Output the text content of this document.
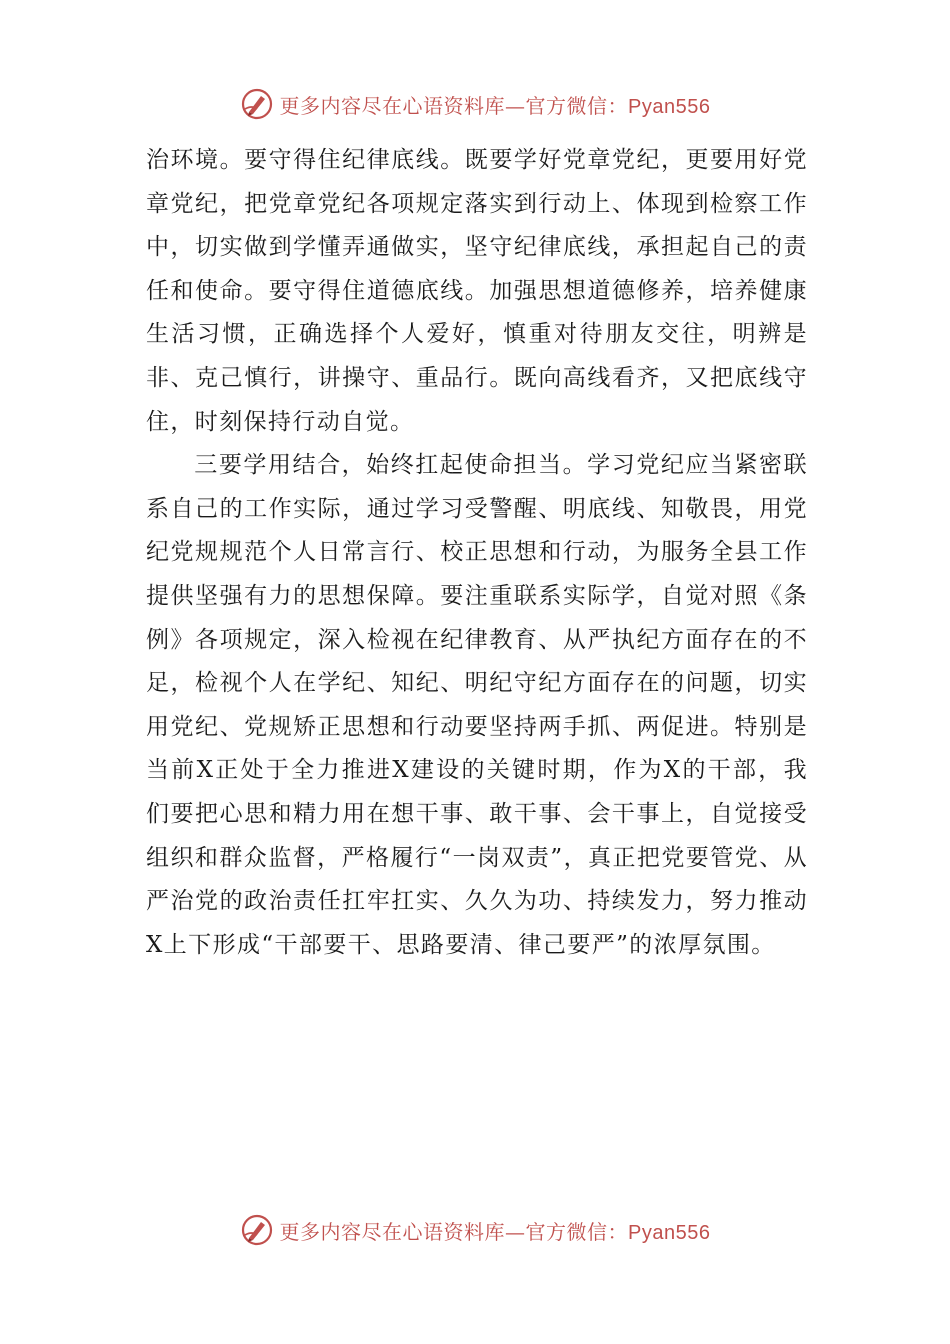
更多内容尽在心语资料库—官方微信：Pyan556

治环境。要守得住纪律底线。既要学好党章党纪，更要用好党章党纪，把党章党纪各项规定落实到行动上、体现到检察工作中，切实做到学懂弄通做实，坚守纪律底线，承担起自己的责任和使命。要守得住道德底线。加强思想道德修养，培养健康生活习惯，正确选择个人爱好，慎重对待朋友交往，明辨是非、克己慎行，讲操守、重品行。既向高线看齐，又把底线守住，时刻保持行动自觉。

三要学用结合，始终扛起使命担当。学习党纪应当紧密联系自己的工作实际，通过学习受警醒、明底线、知敬畏，用党纪党规规范个人日常言行、校正思想和行动，为服务全县工作提供坚强有力的思想保障。要注重联系实际学，自觉对照《条例》各项规定，深入检视在纪律教育、从严执纪方面存在的不足，检视个人在学纪、知纪、明纪守纪方面存在的问题，切实用党纪、党规矫正思想和行动要坚持两手抓、两促进。特别是当前X正处于全力推进X建设的关键时期，作为X的干部，我们要把心思和精力用在想干事、敢干事、会干事上，自觉接受组织和群众监督，严格履行“一岗双责”，真正把党要管党、从严治党的政治责任扛牢扛实、久久为功、持续发力，努力推动X上下形成“干部要干、思路要清、律己要严”的浓厚氛围。

更多内容尽在心语资料库—官方微信：Pyan556
